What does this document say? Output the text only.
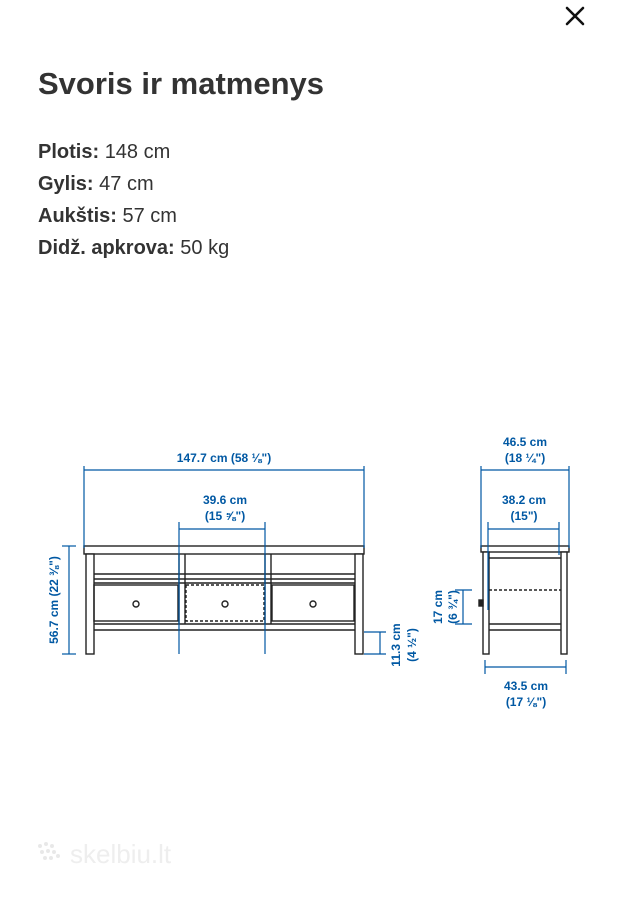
Svoris ir matmenys
Plotis: 148 cm
Gylis: 47 cm
Aukštis: 57 cm
Didž. apkrova: 50 kg
147.7 cm (58 ⅛")
39.6 cm
(15 ⅝")
56.7 cm (22 ⅜")
11.3 cm (4 ½")
46.5 cm
(18 ¼")
38.2 cm
(15")
17 cm (6 ¾")
43.5 cm
(17 ⅛")
skelbiu.lt
